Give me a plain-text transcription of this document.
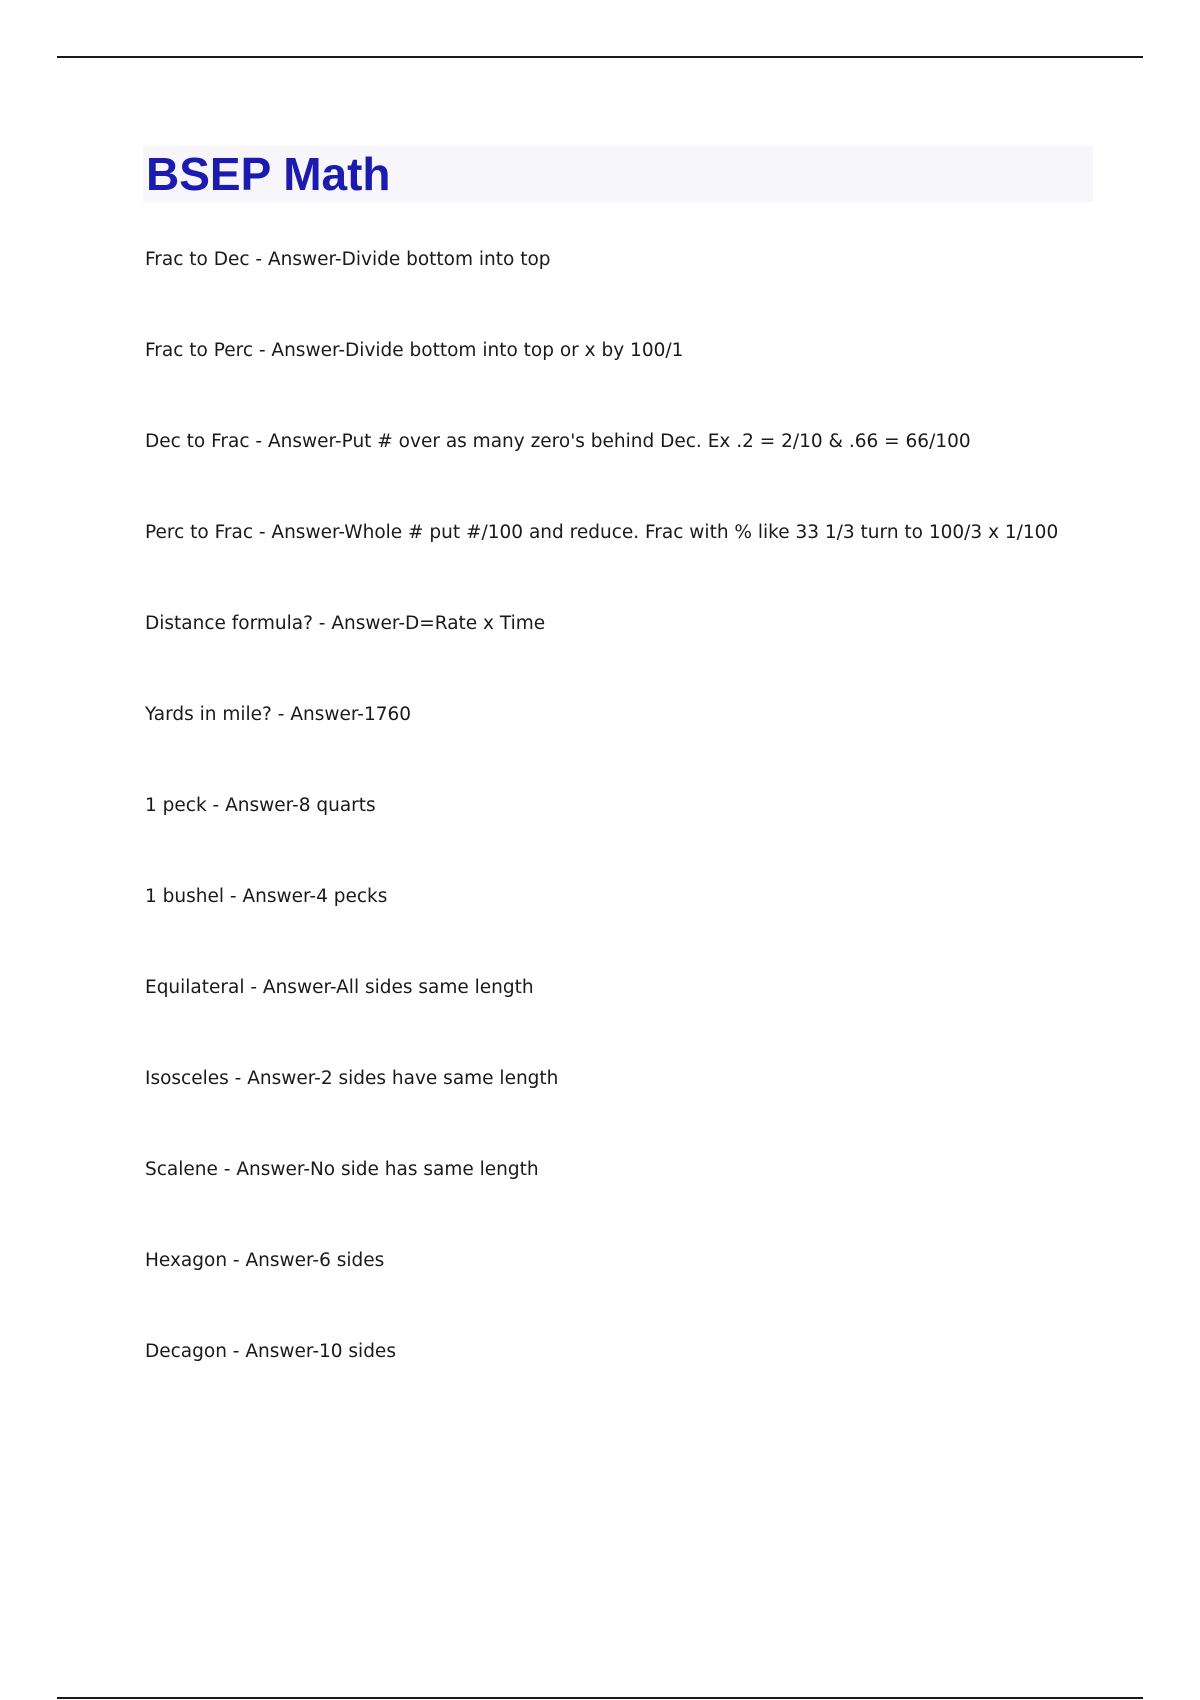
BSEP Math
Frac to Dec - Answer-Divide bottom into top
Frac to Perc - Answer-Divide bottom into top or x by 100/1
Dec to Frac - Answer-Put # over as many zero's behind Dec. Ex .2 = 2/10 & .66 = 66/100
Perc to Frac - Answer-Whole # put #/100 and reduce. Frac with % like 33 1/3 turn to 100/3 x 1/100
Distance formula? - Answer-D=Rate x Time
Yards in mile? - Answer-1760
1 peck - Answer-8 quarts
1 bushel - Answer-4 pecks
Equilateral - Answer-All sides same length
Isosceles - Answer-2 sides have same length
Scalene - Answer-No side has same length
Hexagon - Answer-6 sides
Decagon - Answer-10 sides
